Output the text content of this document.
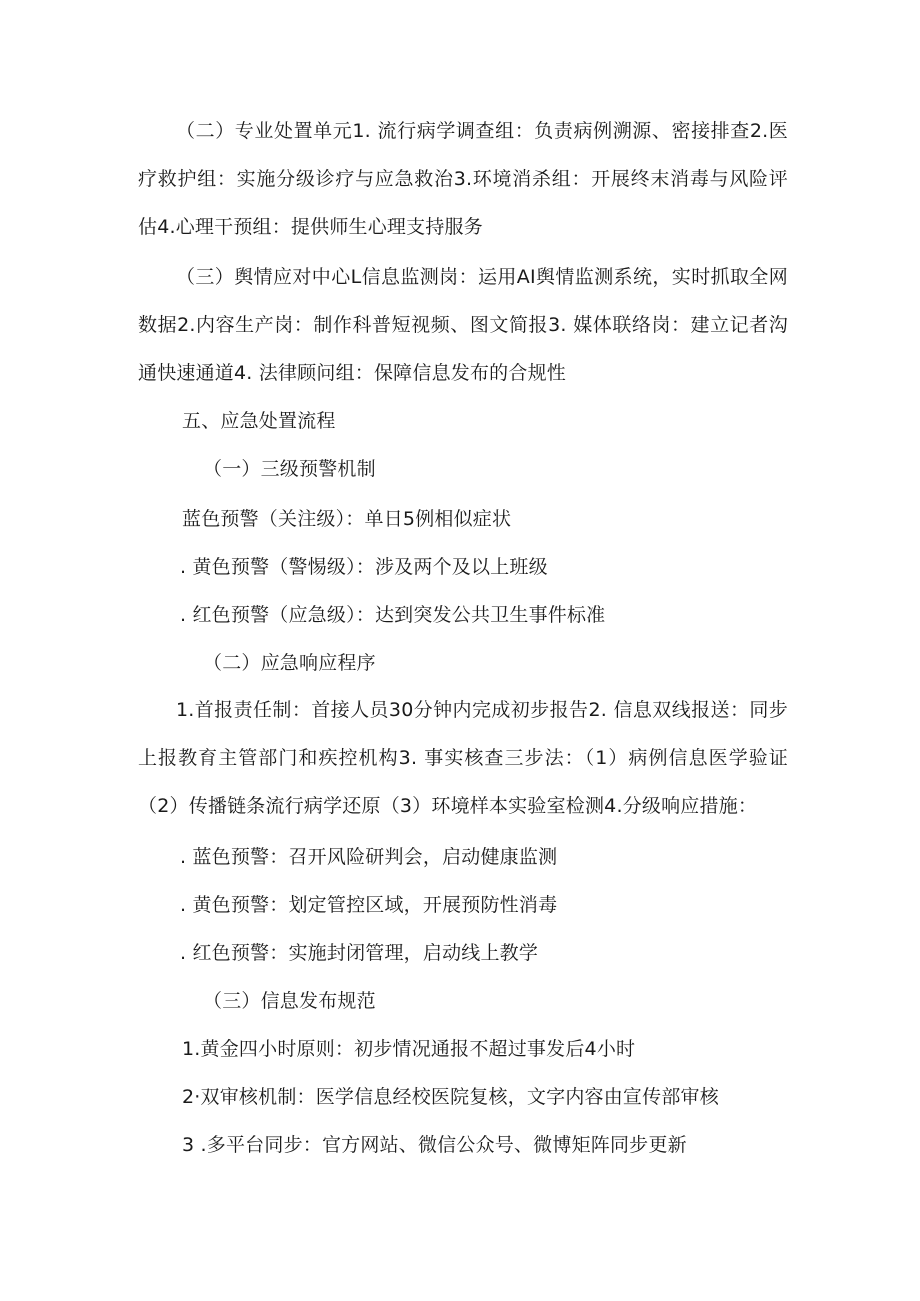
（二）专业处置单元1. 流行病学调查组：负责病例溯源、密接排查2.医疗救护组：实施分级诊疗与应急救治3.环境消杀组：开展终末消毒与风险评估4.心理干预组：提供师生心理支持服务

（三）舆情应对中心L信息监测岗：运用AI舆情监测系统，实时抓取全网数据2.内容生产岗：制作科普短视频、图文简报3. 媒体联络岗：建立记者沟通快速通道4. 法律顾问组：保障信息发布的合规性

五、应急处置流程

（一）三级预警机制

蓝色预警（关注级）：单日5例相似症状

. 黄色预警（警惕级）：涉及两个及以上班级

. 红色预警（应急级）：达到突发公共卫生事件标准

（二）应急响应程序

1.首报责任制：首接人员30分钟内完成初步报告2. 信息双线报送：同步上报教育主管部门和疾控机构3. 事实核查三步法：（1）病例信息医学验证（2）传播链条流行病学还原（3）环境样本实验室检测4.分级响应措施：

. 蓝色预警：召开风险研判会，启动健康监测

. 黄色预警：划定管控区域，开展预防性消毒

. 红色预警：实施封闭管理，启动线上教学

（三）信息发布规范

1.黄金四小时原则：初步情况通报不超过事发后4小时

2·双审核机制：医学信息经校医院复核，文字内容由宣传部审核

3 .多平台同步：官方网站、微信公众号、微博矩阵同步更新
